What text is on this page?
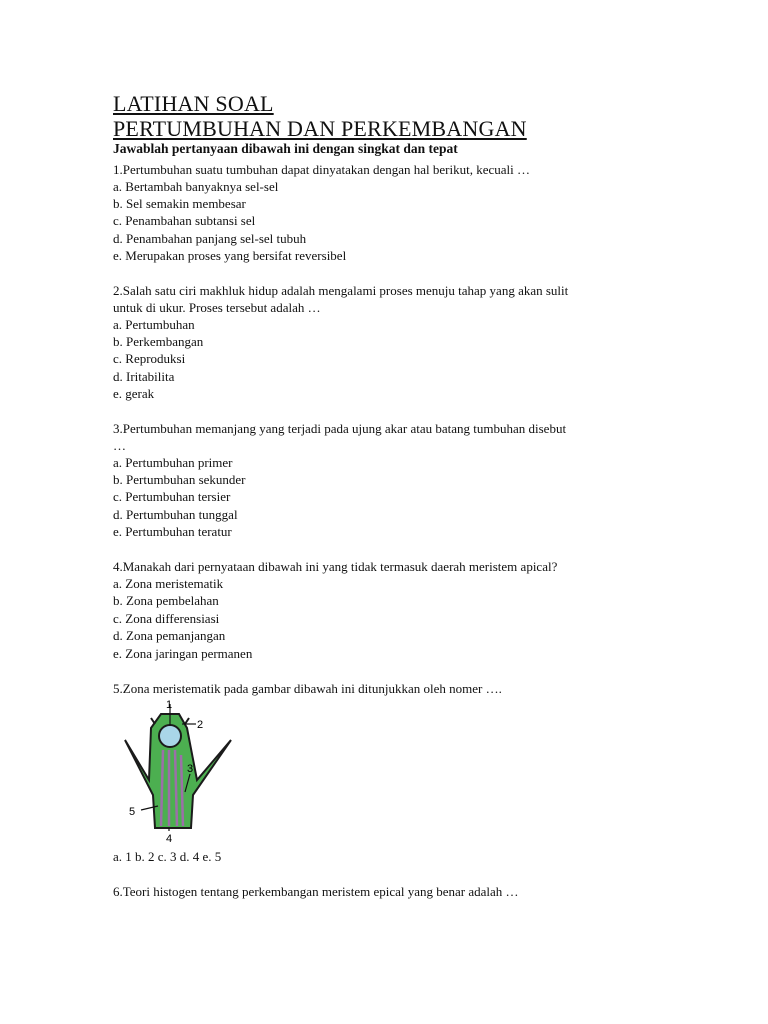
LATIHAN SOAL
PERTUMBUHAN DAN PERKEMBANGAN
Jawablah pertanyaan dibawah ini dengan singkat dan tepat
1.Pertumbuhan suatu tumbuhan dapat dinyatakan dengan hal berikut, kecuali …
a. Bertambah banyaknya sel-sel
b. Sel semakin membesar
c. Penambahan subtansi sel
d. Penambahan panjang sel-sel tubuh
e. Merupakan proses yang bersifat reversibel
2.Salah satu ciri makhluk hidup adalah mengalami proses menuju tahap yang akan sulit
untuk di ukur. Proses tersebut adalah …
a. Pertumbuhan
b. Perkembangan
c. Reproduksi
d. Iritabilita
e. gerak
3.Pertumbuhan memanjang yang terjadi pada ujung akar atau batang tumbuhan disebut
…
a. Pertumbuhan primer
b. Pertumbuhan sekunder
c. Pertumbuhan tersier
d. Pertumbuhan tunggal
e. Pertumbuhan teratur
4.Manakah dari pernyataan dibawah ini yang tidak termasuk daerah meristem apical?
a. Zona meristematik
b. Zona pembelahan
c. Zona differensiasi
d. Zona pemanjangan
e. Zona jaringan permanen
5.Zona meristematik pada gambar dibawah ini ditunjukkan oleh nomer ….
1
2
3
4
5
a. 1 b. 2 c. 3 d. 4 e. 5
6.Teori histogen tentang perkembangan meristem epical yang benar adalah …
